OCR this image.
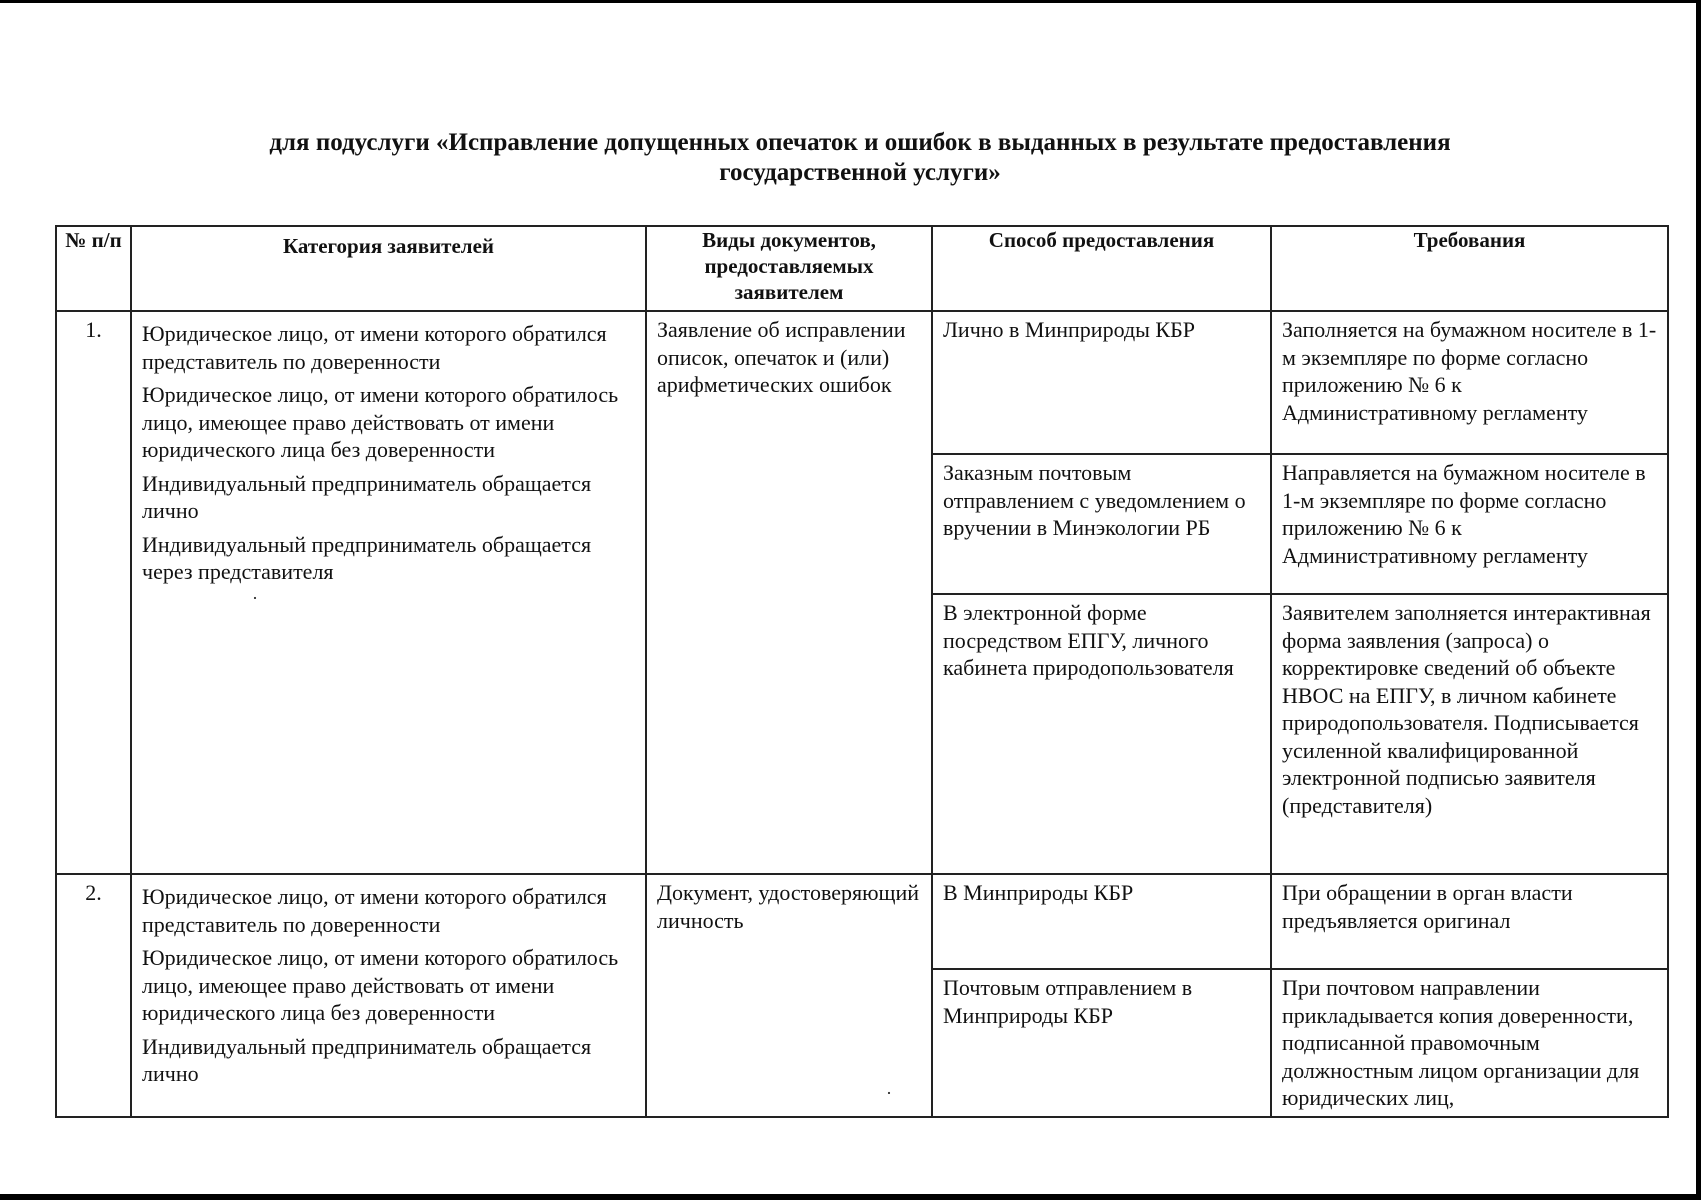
для подуслуги «Исправление допущенных опечаток и ошибок в выданных в результате предоставления
государственной услуги»
№ п/п	Категория заявителей	Виды документов, предоставляемых заявителем	Способ предоставления	Требования
1.	Юридическое лицо, от имени которого обратился представитель по доверенности

Юридическое лицо, от имени которого обратилось лицо, имеющее право действовать от имени юридического лица без доверенности

Индивидуальный предприниматель обращается лично

Индивидуальный предприниматель обращается через представителя	Заявление об исправлении описок, опечаток и (или) арифметических ошибок	Лично в Минприроды КБР	Заполняется на бумажном носителе в 1-м экземпляре по форме согласно приложению № 6 к Административному регламенту
			Заказным почтовым отправлением с уведомлением о вручении в Минэкологии РБ	Направляется на бумажном носителе в 1-м экземпляре по форме согласно приложению № 6 к Административному регламенту
			В электронной форме посредством ЕПГУ, личного кабинета природопользователя	Заявителем заполняется интерактивная форма заявления (запроса) о корректировке сведений об объекте НВОС на ЕПГУ, в личном кабинете природопользователя. Подписывается усиленной квалифицированной электронной подписью заявителя (представителя)
2.	Юридическое лицо, от имени которого обратился представитель по доверенности

Юридическое лицо, от имени которого обратилось лицо, имеющее право действовать от имени юридического лица без доверенности

Индивидуальный предприниматель обращается лично	Документ, удостоверяющий личность	В Минприроды КБР	При обращении в орган власти предъявляется оригинал
			Почтовым отправлением в Минприроды КБР	При почтовом направлении прикладывается копия доверенности, подписанной правомочным должностным лицом организации для юридических лиц,
·
·
